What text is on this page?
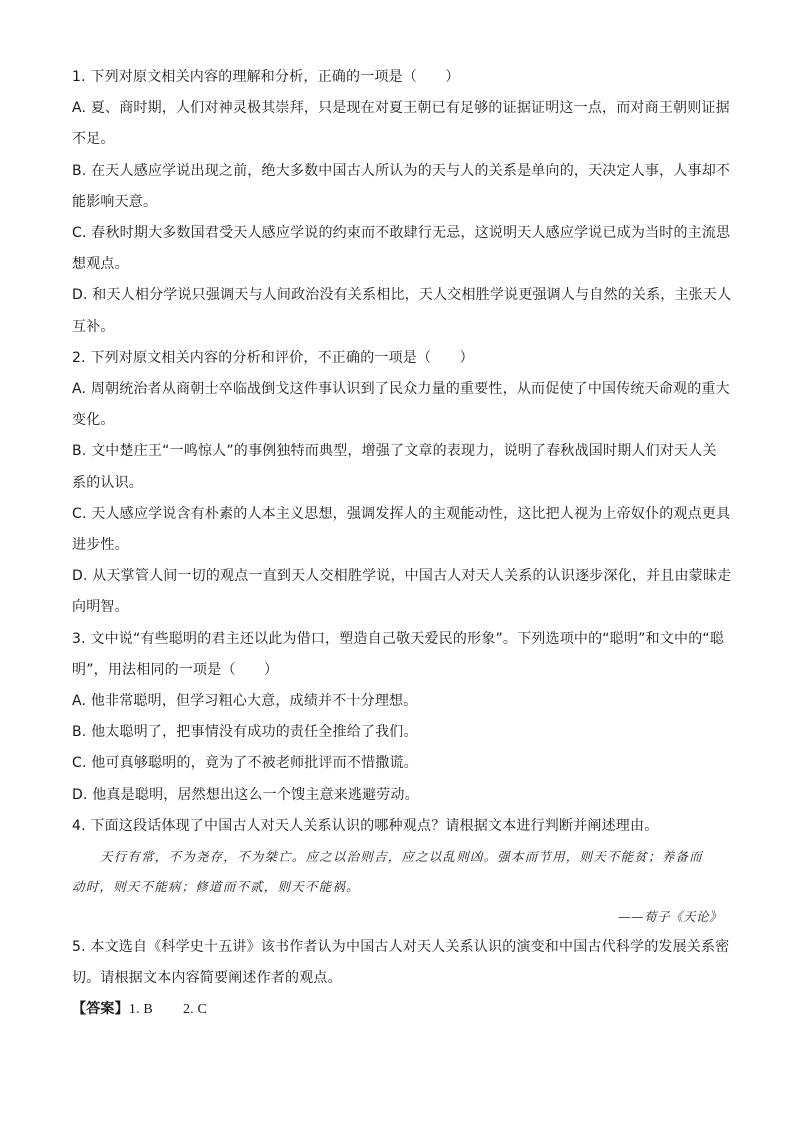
1. 下列对原文相关内容的理解和分析，正确的一项是（　　）
A. 夏、商时期，人们对神灵极其崇拜，只是现在对夏王朝已有足够的证据证明这一点，而对商王朝则证据
不足。
B. 在天人感应学说出现之前，绝大多数中国古人所认为的天与人的关系是单向的，天决定人事，人事却不
能影响天意。
C. 春秋时期大多数国君受天人感应学说的约束而不敢肆行无忌，这说明天人感应学说已成为当时的主流思
想观点。
D. 和天人相分学说只强调天与人间政治没有关系相比，天人交相胜学说更强调人与自然的关系，主张天人
互补。
2. 下列对原文相关内容的分析和评价，不正确的一项是（　　）
A. 周朝统治者从商朝士卒临战倒戈这件事认识到了民众力量的重要性，从而促使了中国传统天命观的重大
变化。
B. 文中楚庄王“一鸣惊人”的事例独特而典型，增强了文章的表现力，说明了春秋战国时期人们对天人关
系的认识。
C. 天人感应学说含有朴素的人本主义思想，强调发挥人的主观能动性，这比把人视为上帝奴仆的观点更具
进步性。
D. 从天掌管人间一切的观点一直到天人交相胜学说，中国古人对天人关系的认识逐步深化，并且由蒙昧走
向明智。
3. 文中说“有些聪明的君主还以此为借口，塑造自己敬天爱民的形象”。下列选项中的“聪明”和文中的“聪
明”，用法相同的一项是（　　）
A. 他非常聪明，但学习粗心大意，成绩并不十分理想。
B. 他太聪明了，把事情没有成功的责任全推给了我们。
C. 他可真够聪明的，竟为了不被老师批评而不惜撒谎。
D. 他真是聪明，居然想出这么一个馊主意来逃避劳动。
4. 下面这段话体现了中国古人对天人关系认识的哪种观点？请根据文本进行判断并阐述理由。
天行有常，不为尧存，不为桀亡。应之以治则吉，应之以乱则凶。强本而节用，则天不能贫；养备而
动时，则天不能病；修道而不贰，则天不能祸。
——荀子《天论》
5. 本文选自《科学史十五讲》该书作者认为中国古人对天人关系认识的演变和中国古代科学的发展关系密
切。请根据文本内容简要阐述作者的观点。
【答案】1. B 2. C
